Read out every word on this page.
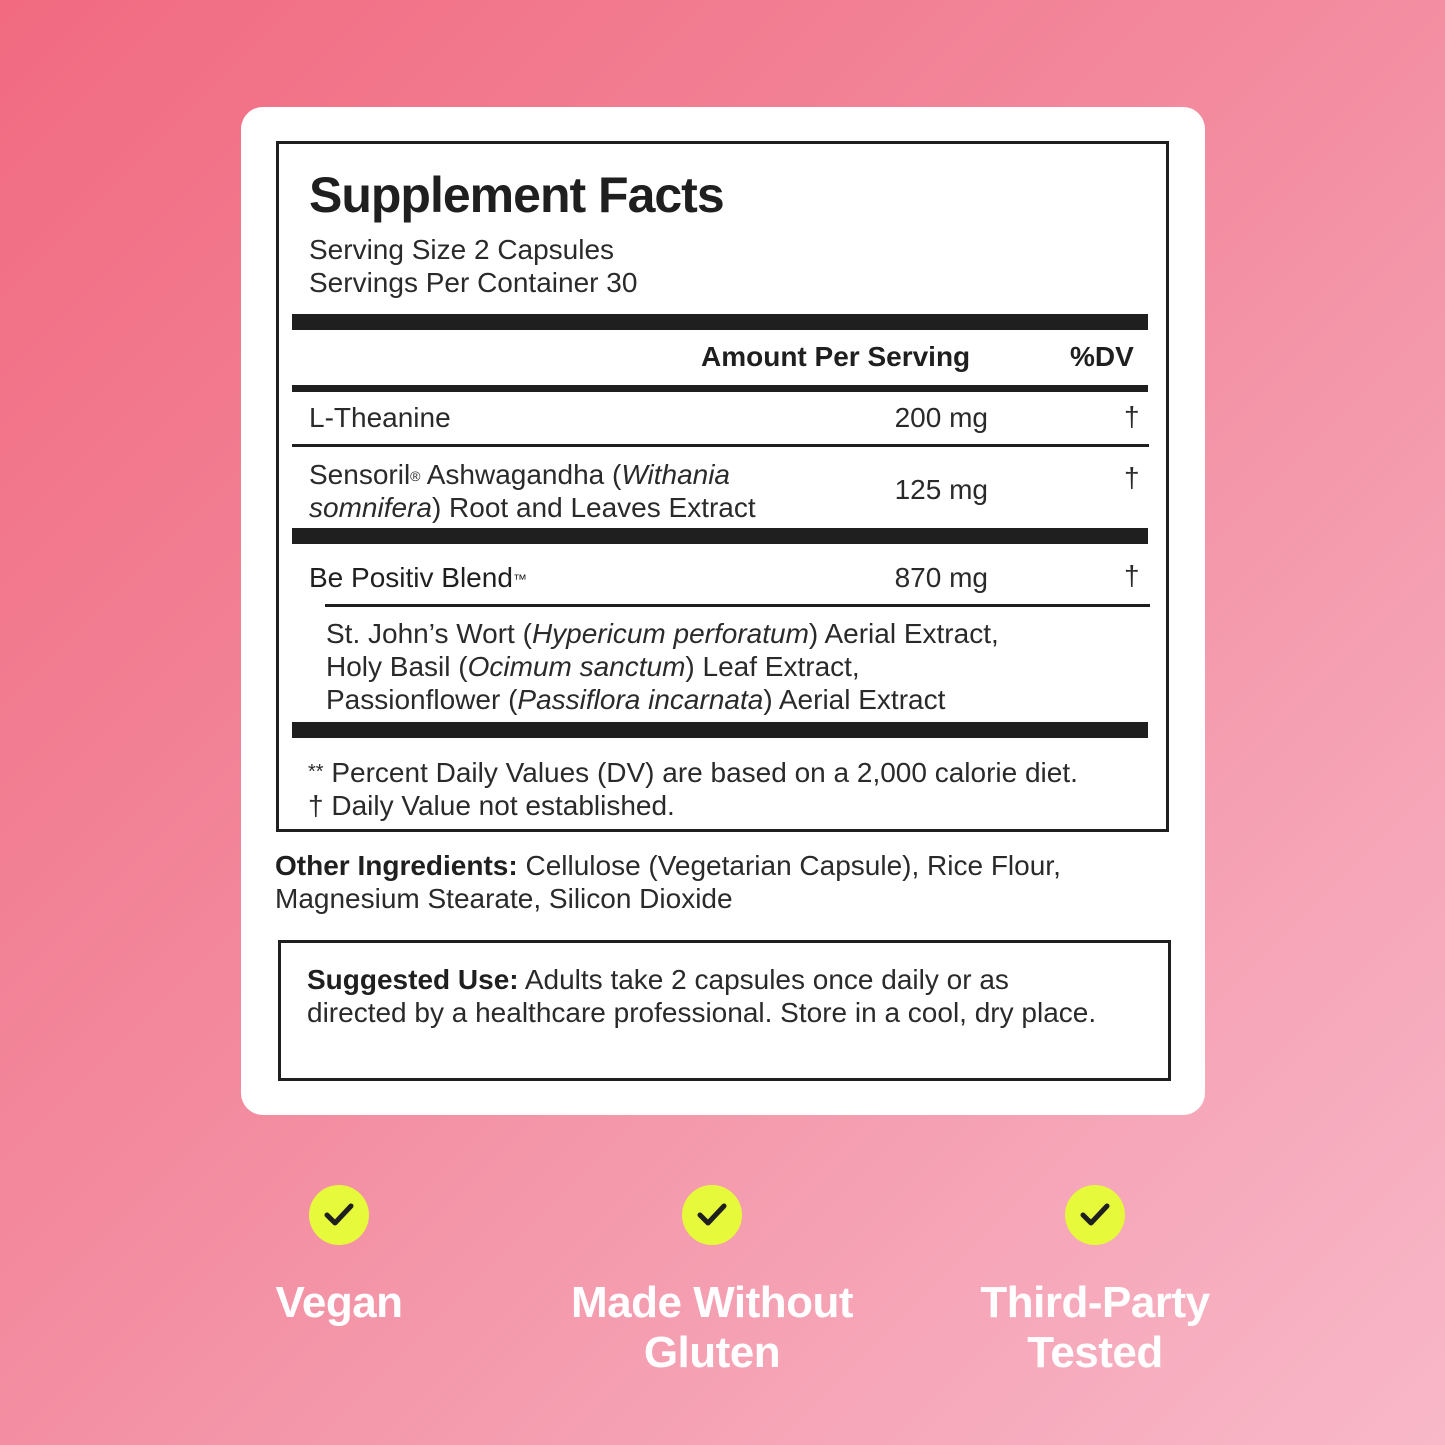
Supplement Facts
Serving Size 2 Capsules
Servings Per Container 30
Amount Per Serving	%DV
L-Theanine	200 mg	†
Sensoril® Ashwagandha (Withania
somnifera) Root and Leaves Extract
125 mg	†
Be Positiv Blend™	870 mg	†
St. John’s Wort (Hypericum perforatum) Aerial Extract,
Holy Basil (Ocimum sanctum) Leaf Extract,
Passionflower (Passiflora incarnata) Aerial Extract
** Percent Daily Values (DV) are based on a 2,000 calorie diet.
† Daily Value not established.
Other Ingredients: Cellulose (Vegetarian Capsule), Rice Flour, Magnesium Stearate, Silicon Dioxide
Suggested Use: Adults take 2 capsules once daily or as directed by a healthcare professional. Store in a cool, dry place.
Vegan	Made Without
Gluten
Third-Party
Tested
